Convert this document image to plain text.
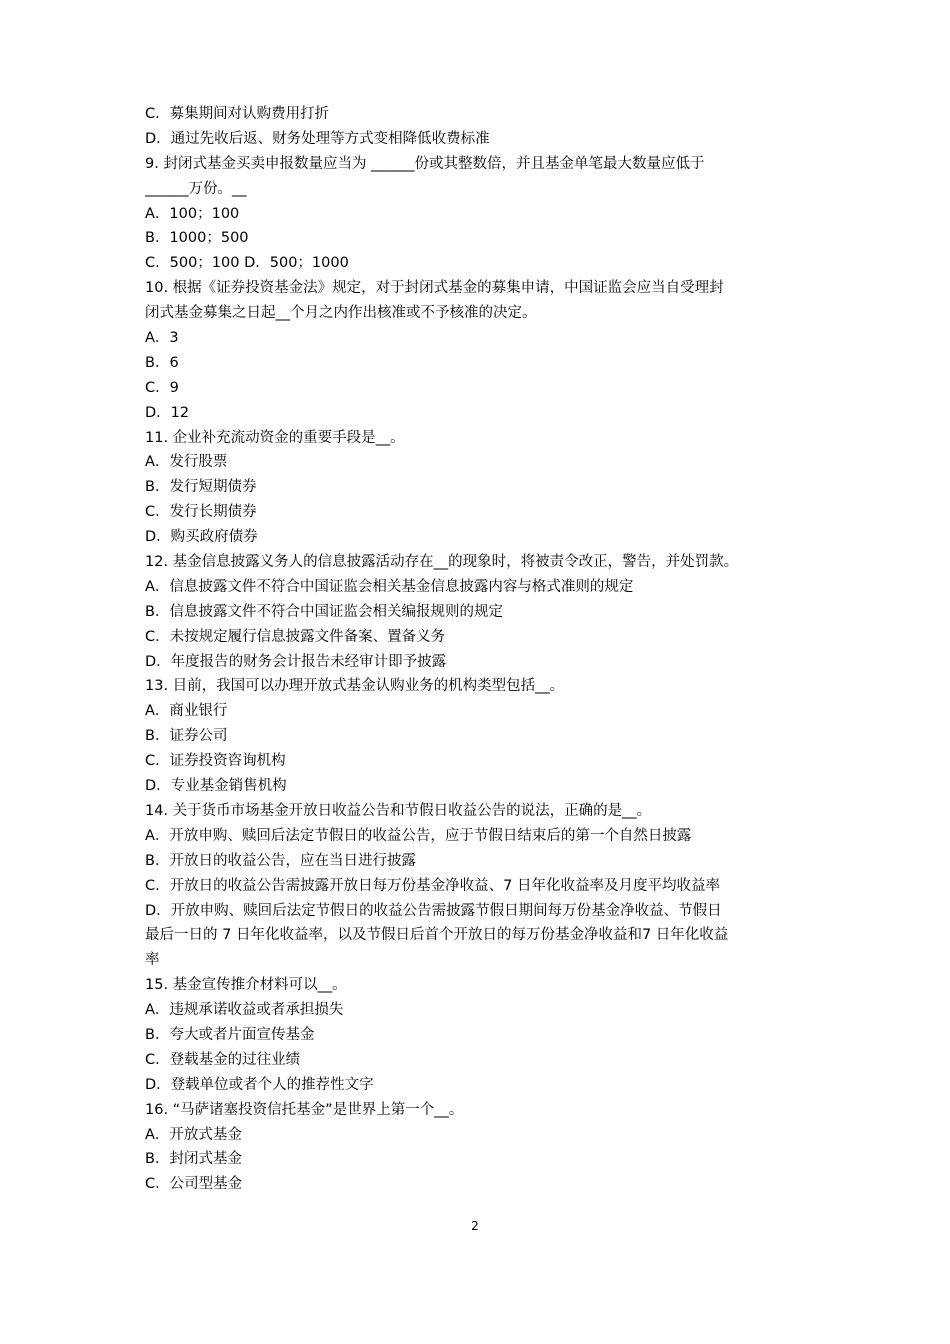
C．募集期间对认购费用打折
D．通过先收后返、财务处理等方式变相降低收费标准
9. 封闭式基金买卖申报数量应当为 ______份或其整数倍，并且基金单笔最大数量应低于
______万份。__
A．100；100
B．1000；500
C．500；100 D．500；1000
10. 根据《证券投资基金法》规定，对于封闭式基金的募集申请，中国证监会应当自受理封
闭式基金募集之日起__个月之内作出核准或不予核准的决定。
A．3
B．6
C．9
D．12
11. 企业补充流动资金的重要手段是__。
A．发行股票
B．发行短期债券
C．发行长期债券
D．购买政府债券
12. 基金信息披露义务人的信息披露活动存在__的现象时，将被责令改正，警告，并处罚款。
A．信息披露文件不符合中国证监会相关基金信息披露内容与格式准则的规定
B．信息披露文件不符合中国证监会相关编报规则的规定
C．未按规定履行信息披露文件备案、置备义务
D．年度报告的财务会计报告未经审计即予披露
13. 目前，我国可以办理开放式基金认购业务的机构类型包括__。
A．商业银行
B．证券公司
C．证券投资咨询机构
D．专业基金销售机构
14. 关于货币市场基金开放日收益公告和节假日收益公告的说法，正确的是__。
A．开放申购、赎回后法定节假日的收益公告，应于节假日结束后的第一个自然日披露
B．开放日的收益公告，应在当日进行披露
C．开放日的收益公告需披露开放日每万份基金净收益、7 日年化收益率及月度平均收益率
D．开放申购、赎回后法定节假日的收益公告需披露节假日期间每万份基金净收益、节假日
最后一日的 7 日年化收益率，以及节假日后首个开放日的每万份基金净收益和7 日年化收益
率
15. 基金宣传推介材料可以__。
A．违规承诺收益或者承担损失
B．夸大或者片面宣传基金
C．登载基金的过往业绩
D．登载单位或者个人的推荐性文字
16. “马萨诸塞投资信托基金”是世界上第一个__。
A．开放式基金
B．封闭式基金
C．公司型基金
2
